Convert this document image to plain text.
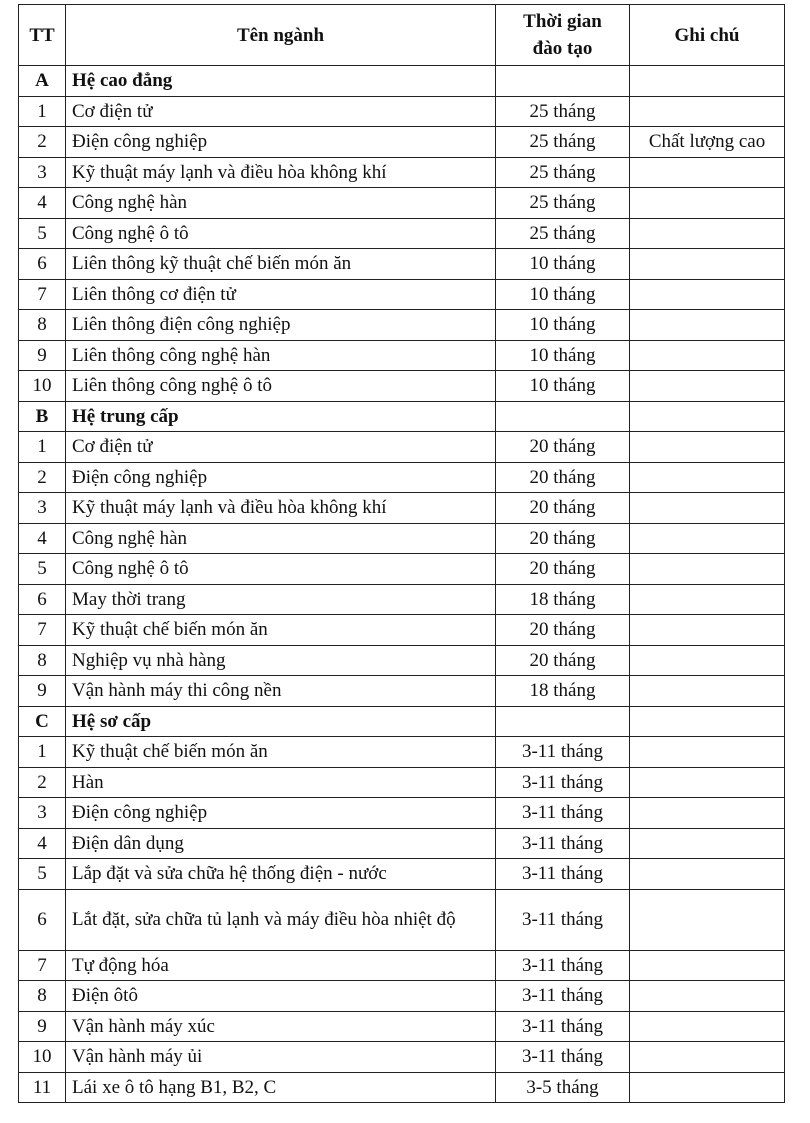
TT	Tên ngành	Thời gian đào tạo	Ghi chú
A	Hệ cao đẳng		
1	Cơ điện tử	25 tháng	
2	Điện công nghiệp	25 tháng	Chất lượng cao
3	Kỹ thuật máy lạnh và điều hòa không khí	25 tháng	
4	Công nghệ hàn	25 tháng	
5	Công nghệ ô tô	25 tháng	
6	Liên thông kỹ thuật chế biến món ăn	10 tháng	
7	Liên thông cơ điện tử	10 tháng	
8	Liên thông điện công nghiệp	10 tháng	
9	Liên thông công nghệ hàn	10 tháng	
10	Liên thông công nghệ ô tô	10 tháng	
B	Hệ trung cấp		
1	Cơ điện tử	20 tháng	
2	Điện công nghiệp	20 tháng	
3	Kỹ thuật máy lạnh và điều hòa không khí	20 tháng	
4	Công nghệ hàn	20 tháng	
5	Công nghệ ô tô	20 tháng	
6	May thời trang	18 tháng	
7	Kỹ thuật chế biến món ăn	20 tháng	
8	Nghiệp vụ nhà hàng	20 tháng	
9	Vận hành máy thi công nền	18 tháng	
C	Hệ sơ cấp		
1	Kỹ thuật chế biến món ăn	3-11 tháng	
2	Hàn	3-11 tháng	
3	Điện công nghiệp	3-11 tháng	
4	Điện dân dụng	3-11 tháng	
5	Lắp đặt và sửa chữa hệ thống điện - nước	3-11 tháng	
6	Lắt đặt, sửa chữa tủ lạnh và máy điều hòa nhiệt độ	3-11 tháng	
7	Tự động hóa	3-11 tháng	
8	Điện ôtô	3-11 tháng	
9	Vận hành máy xúc	3-11 tháng	
10	Vận hành máy ủi	3-11 tháng	
11	Lái xe ô tô hạng B1, B2, C	3-5 tháng	
